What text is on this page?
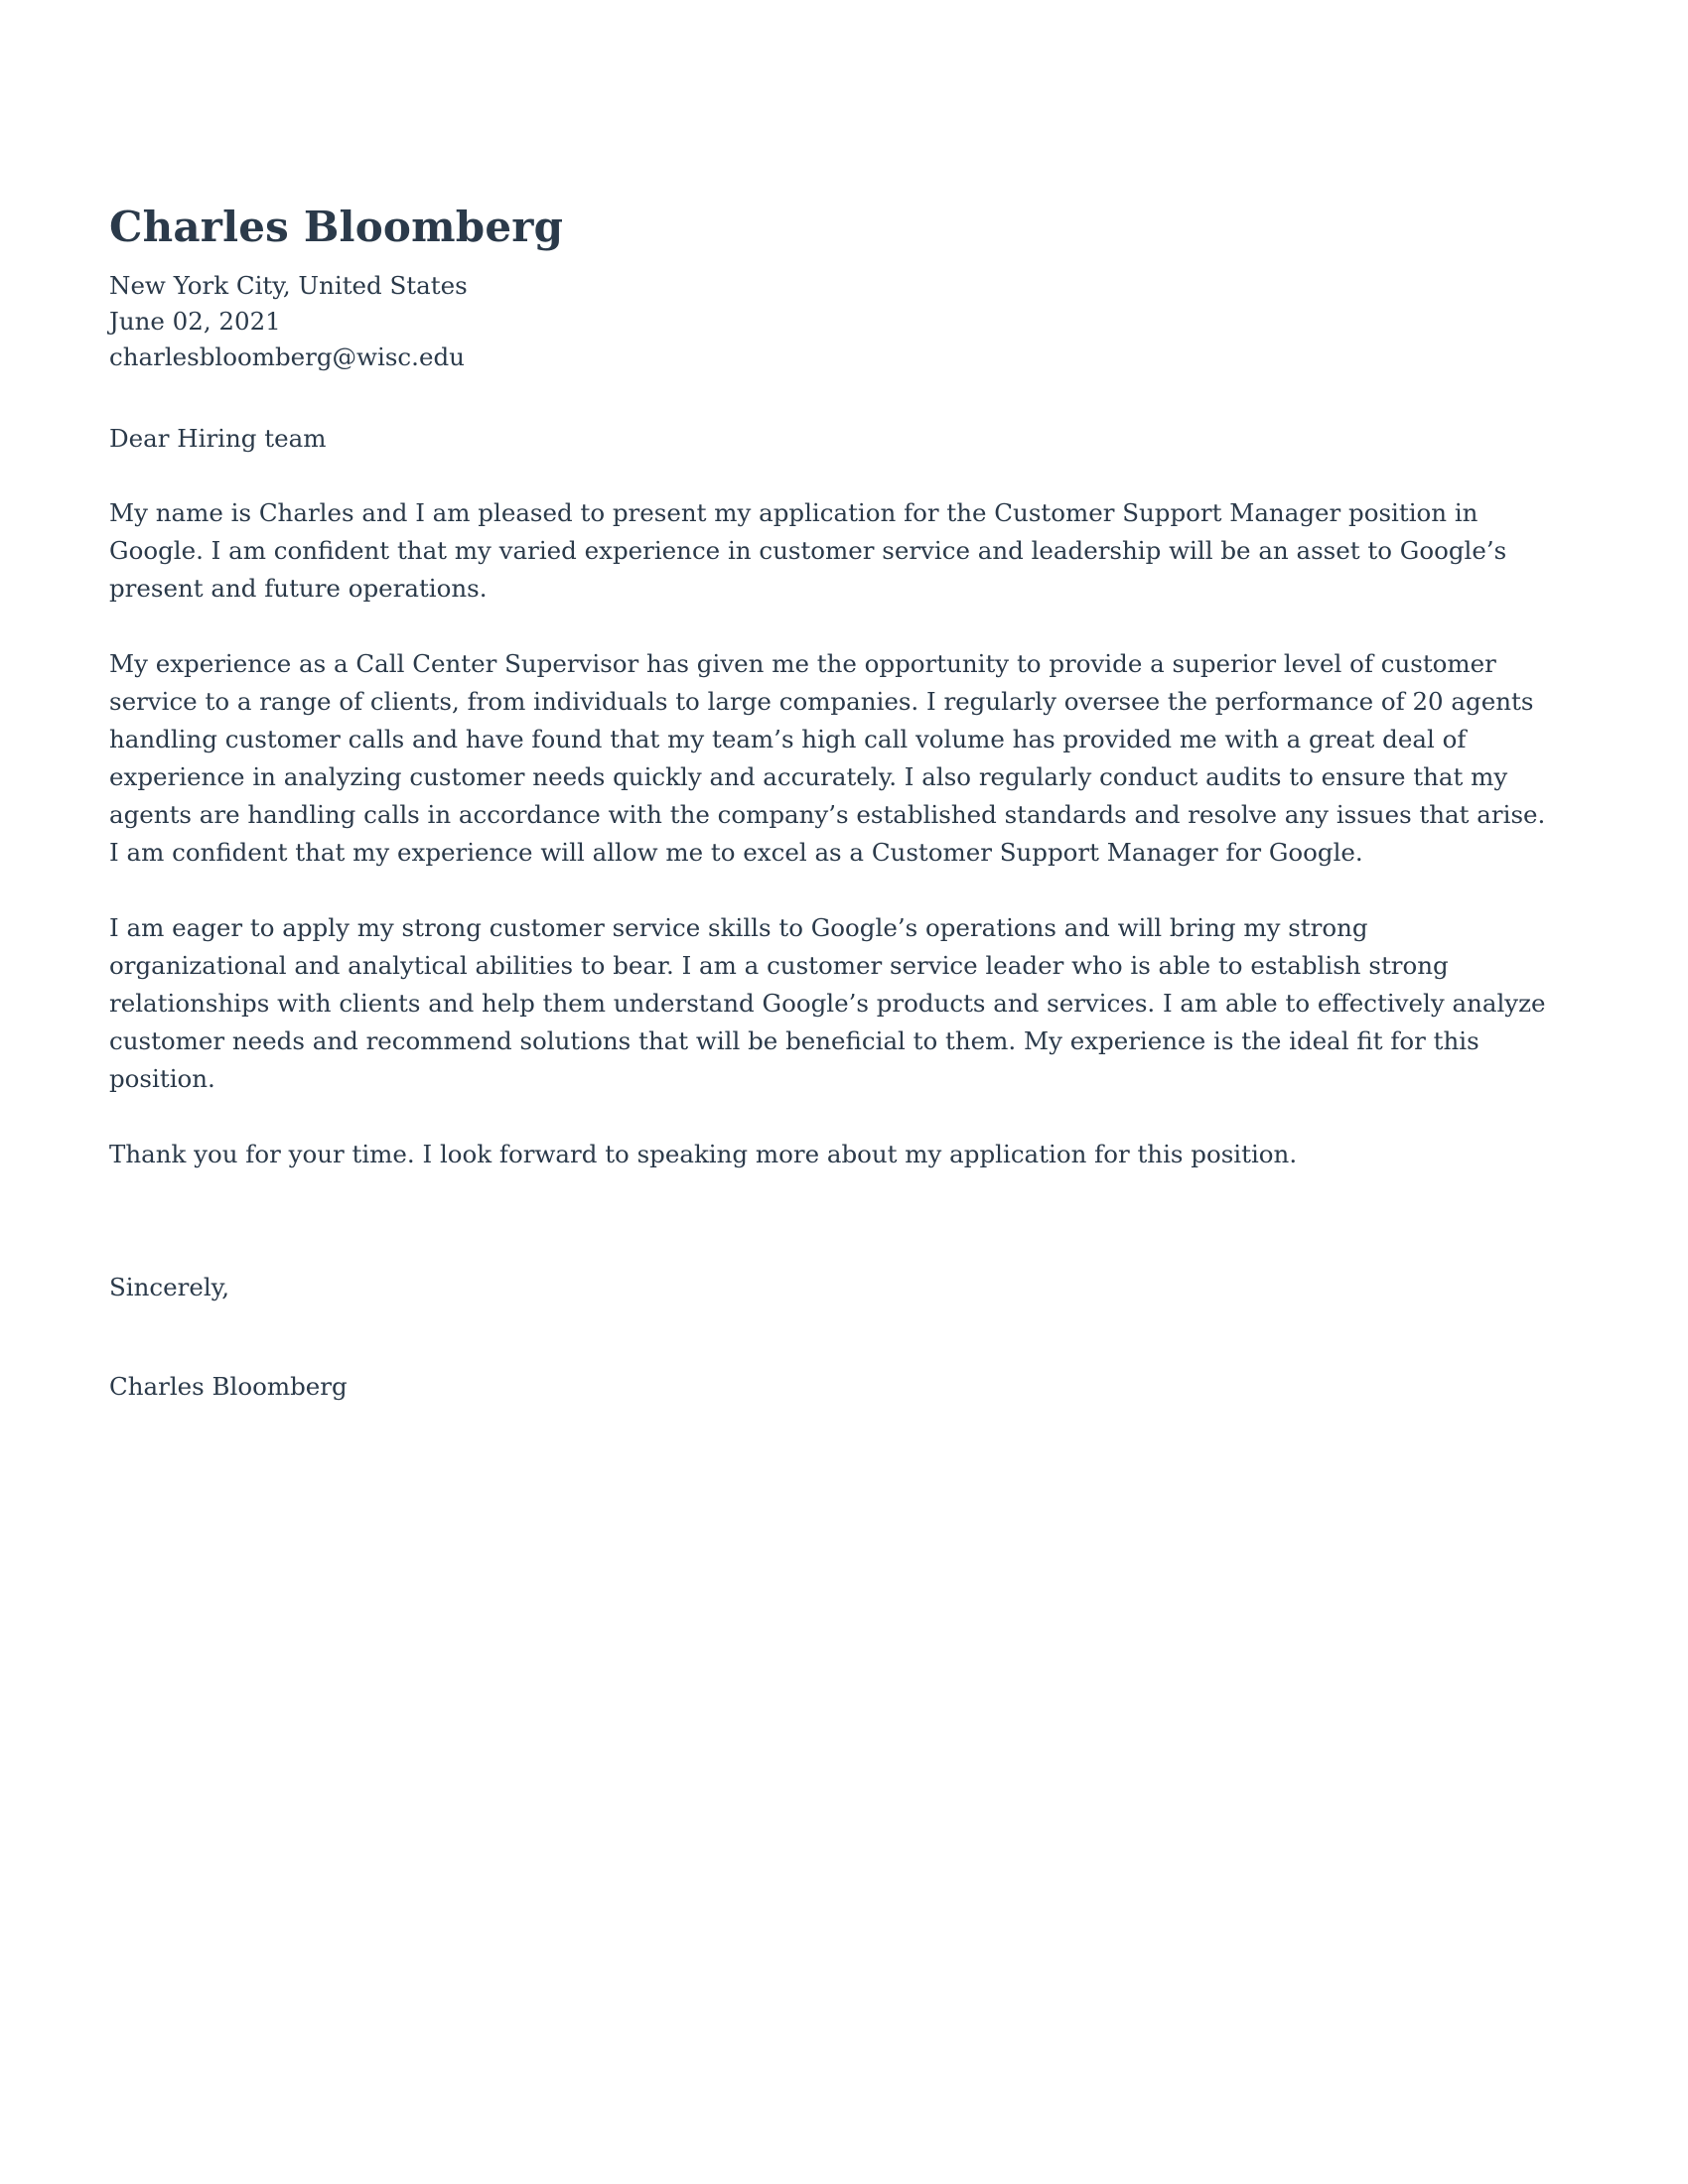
Charles Bloomberg

New York City, United States

June 02, 2021

charlesbloomberg@wisc.edu

Dear Hiring team

My name is Charles and I am pleased to present my application for the Customer Support Manager position in Google. I am confident that my varied experience in customer service and leadership will be an asset to Google’s present and future operations.

My experience as a Call Center Supervisor has given me the opportunity to provide a superior level of customer service to a range of clients, from individuals to large companies. I regularly oversee the performance of 20 agents handling customer calls and have found that my team’s high call volume has provided me with a great deal of experience in analyzing customer needs quickly and accurately. I also regularly conduct audits to ensure that my agents are handling calls in accordance with the company’s established standards and resolve any issues that arise. I am confident that my experience will allow me to excel as a Customer Support Manager for Google.

I am eager to apply my strong customer service skills to Google’s operations and will bring my strong organizational and analytical abilities to bear. I am a customer service leader who is able to establish strong relationships with clients and help them understand Google’s products and services. I am able to effectively analyze customer needs and recommend solutions that will be beneficial to them. My experience is the ideal fit for this position.

Thank you for your time. I look forward to speaking more about my application for this position.

Sincerely,

Charles Bloomberg
